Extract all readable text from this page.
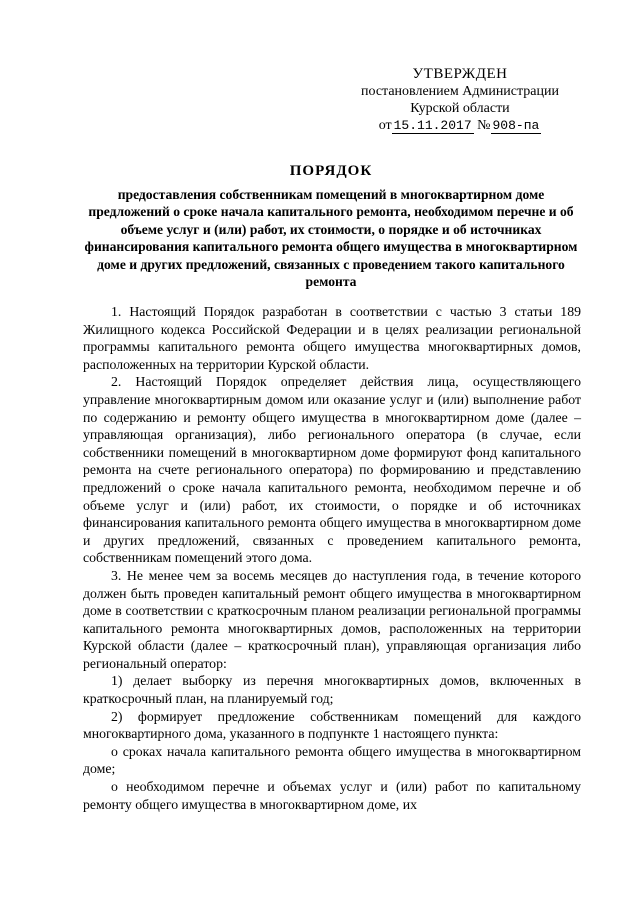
УТВЕРЖДЕН
постановлением Администрации
Курской области
от 15.11.2017 № 908-па
ПОРЯДОК
предоставления собственникам помещений в многоквартирном доме предложений о сроке начала капитального ремонта, необходимом перечне и об объеме услуг и (или) работ, их стоимости, о порядке и об источниках финансирования капитального ремонта общего имущества в многоквартирном доме и других предложений, связанных с проведением такого капитального ремонта

1. Настоящий Порядок разработан в соответствии с частью 3 статьи 189 Жилищного кодекса Российской Федерации и в целях реализации региональной программы капитального ремонта общего имущества многоквартирных домов, расположенных на территории Курской области.

2. Настоящий Порядок определяет действия лица, осуществляющего управление многоквартирным домом или оказание услуг и (или) выполнение работ по содержанию и ремонту общего имущества в многоквартирном доме (далее – управляющая организация), либо регионального оператора (в случае, если собственники помещений в многоквартирном доме формируют фонд капитального ремонта на счете регионального оператора) по формированию и представлению предложений о сроке начала капитального ремонта, необходимом перечне и об объеме услуг и (или) работ, их стоимости, о порядке и об источниках финансирования капитального ремонта общего имущества в многоквартирном доме и других предложений, связанных с проведением капитального ремонта, собственникам помещений этого дома.

3. Не менее чем за восемь месяцев до наступления года, в течение которого должен быть проведен капитальный ремонт общего имущества в многоквартирном доме в соответствии с краткосрочным планом реализации региональной программы капитального ремонта многоквартирных домов, расположенных на территории Курской области (далее – краткосрочный план), управляющая организация либо региональный оператор:

1) делает выборку из перечня многоквартирных домов, включенных в краткосрочный план, на планируемый год;

2) формирует предложение собственникам помещений для каждого многоквартирного дома, указанного в подпункте 1 настоящего пункта:

о сроках начала капитального ремонта общего имущества в многоквартирном доме;

о необходимом перечне и объемах услуг и (или) работ по капитальному ремонту общего имущества в многоквартирном доме, их
